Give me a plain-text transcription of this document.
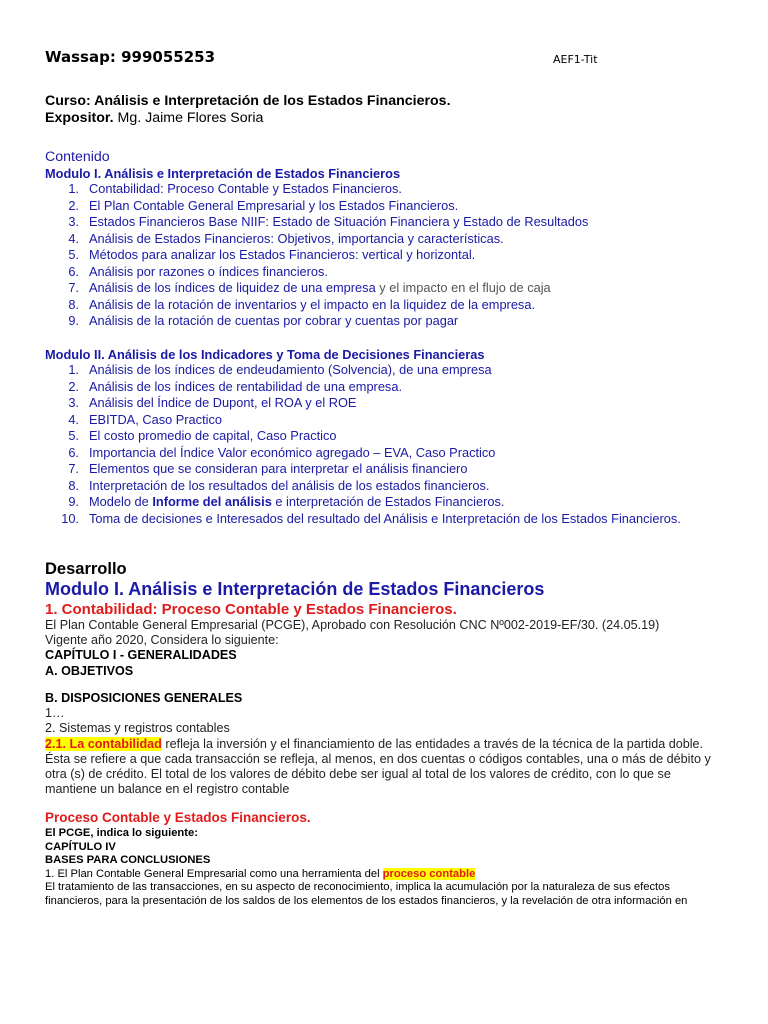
Wassap: 999055253	AEF1-Tit
Curso: Análisis e Interpretación de los Estados Financieros.
Expositor. Mg. Jaime Flores Soria
Contenido
Modulo I. Análisis e Interpretación de Estados Financieros
1. Contabilidad: Proceso Contable y Estados Financieros.
2. El Plan Contable General Empresarial y los Estados Financieros.
3. Estados Financieros Base NIIF: Estado de Situación Financiera y Estado de Resultados
4. Análisis de Estados Financieros: Objetivos, importancia y características.
5. Métodos para analizar los Estados Financieros: vertical y horizontal.
6. Análisis por razones o índices financieros.
7. Análisis de los índices de liquidez de una empresa y el impacto en el flujo de caja
8. Análisis de la rotación de inventarios y el impacto en la liquidez de la empresa.
9. Análisis de la rotación de cuentas por cobrar y cuentas por pagar
Modulo II. Análisis de los Indicadores y Toma de Decisiones Financieras
1. Análisis de los índices de endeudamiento (Solvencia), de una empresa
2. Análisis de los índices de rentabilidad de una empresa.
3. Análisis del Índice de Dupont, el ROA y el ROE
4. EBITDA, Caso Practico
5. El costo promedio de capital, Caso Practico
6. Importancia del Índice Valor económico agregado – EVA, Caso Practico
7. Elementos que se consideran para interpretar el análisis financiero
8. Interpretación de los resultados del análisis de los estados financieros.
9. Modelo de Informe del análisis e interpretación de Estados Financieros.
10. Toma de decisiones e Interesados del resultado del Análisis e Interpretación de los Estados Financieros.
Desarrollo
Modulo I. Análisis e Interpretación de Estados Financieros
1. Contabilidad: Proceso Contable y Estados Financieros.
El Plan Contable General Empresarial (PCGE), Aprobado con Resolución CNC Nº002-2019-EF/30. (24.05.19)
Vigente año 2020, Considera lo siguiente:
CAPÍTULO I - GENERALIDADES
A. OBJETIVOS
B. DISPOSICIONES GENERALES
1…
2. Sistemas y registros contables
2.1. La contabilidad refleja la inversión y el financiamiento de las entidades a través de la técnica de la partida doble. Ésta se refiere a que cada transacción se refleja, al menos, en dos cuentas o códigos contables, una o más de débito y otra (s) de crédito. El total de los valores de débito debe ser igual al total de los valores de crédito, con lo que se mantiene un balance en el registro contable
Proceso Contable y Estados Financieros.
El PCGE, indica lo siguiente:
CAPÍTULO IV
BASES PARA CONCLUSIONES
1. El Plan Contable General Empresarial como una herramienta del proceso contable
El tratamiento de las transacciones, en su aspecto de reconocimiento, implica la acumulación por la naturaleza de sus efectos financieros, para la presentación de los saldos de los elementos de los estados financieros, y la revelación de otra información en
